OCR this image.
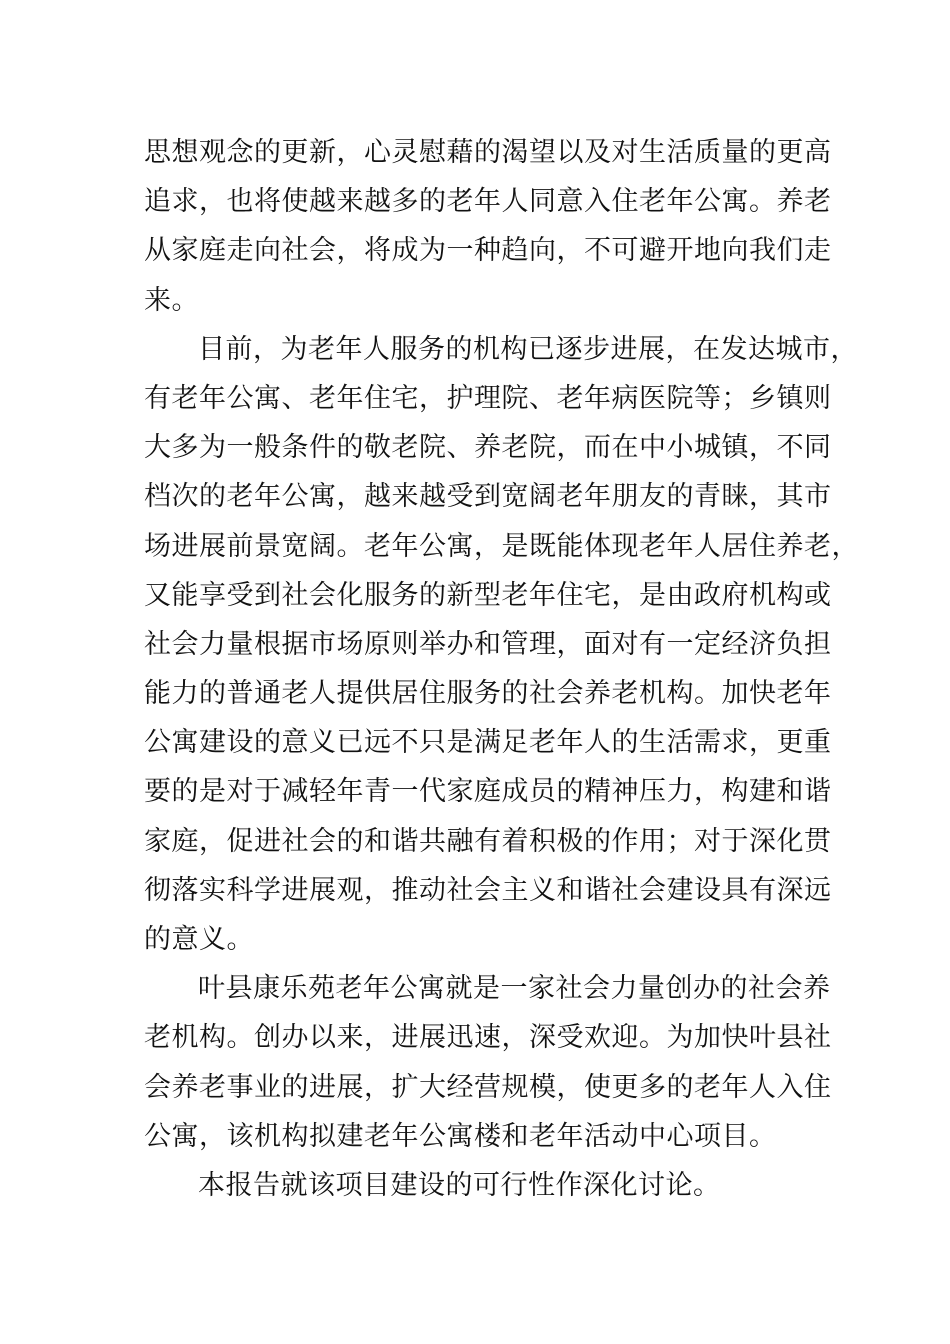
思想观念的更新，心灵慰藉的渴望以及对生活质量的更高
追求，也将使越来越多的老年人同意入住老年公寓。养老
从家庭走向社会，将成为一种趋向，不可避开地向我们走
来。
目前，为老年人服务的机构已逐步进展，在发达城市，
有老年公寓、老年住宅，护理院、老年病医院等；乡镇则
大多为一般条件的敬老院、养老院，而在中小城镇，不同
档次的老年公寓，越来越受到宽阔老年朋友的青睐，其市
场进展前景宽阔。老年公寓，是既能体现老年人居住养老，
又能享受到社会化服务的新型老年住宅，是由政府机构或
社会力量根据市场原则举办和管理，面对有一定经济负担
能力的普通老人提供居住服务的社会养老机构。加快老年
公寓建设的意义已远不只是满足老年人的生活需求，更重
要的是对于减轻年青一代家庭成员的精神压力，构建和谐
家庭，促进社会的和谐共融有着积极的作用；对于深化贯
彻落实科学进展观，推动社会主义和谐社会建设具有深远
的意义。
叶县康乐苑老年公寓就是一家社会力量创办的社会养
老机构。创办以来，进展迅速，深受欢迎。为加快叶县社
会养老事业的进展，扩大经营规模，使更多的老年人入住
公寓，该机构拟建老年公寓楼和老年活动中心项目。
本报告就该项目建设的可行性作深化讨论。
